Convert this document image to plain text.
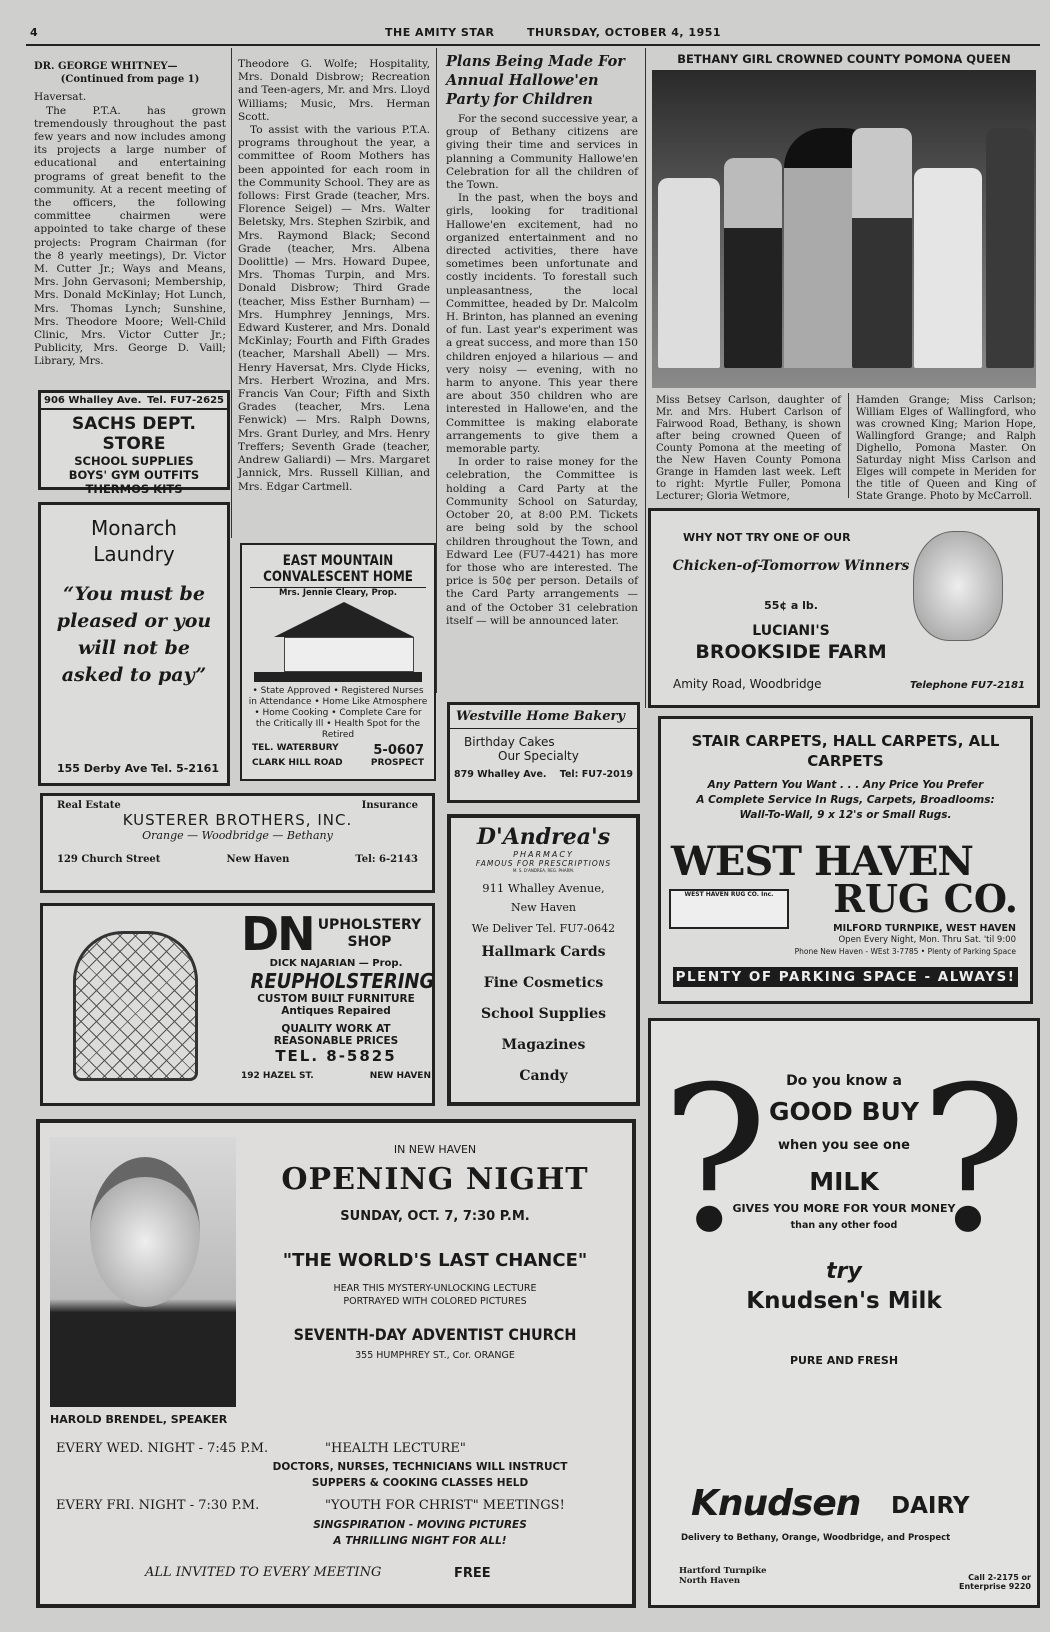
4	THE AMITY STAR	THURSDAY, OCTOBER 4, 1951
DR. GEORGE WHITNEY—
(Continued from page 1)
Haversat.

The P.T.A. has grown tremendously throughout the past few years and now includes among its projects a large number of educational and entertaining programs of great benefit to the community. At a recent meeting of the officers, the following committee chairmen were appointed to take charge of these projects: Program Chairman (for the 8 yearly meetings), Dr. Victor M. Cutter Jr.; Ways and Means, Mrs. John Gervasoni; Membership, Mrs. Donald McKinlay; Hot Lunch, Mrs. Thomas Lynch; Sunshine, Mrs. Theodore Moore; Well-Child Clinic, Mrs. Victor Cutter Jr.; Publicity, Mrs. George D. Vaill; Library, Mrs.

Theodore G. Wolfe; Hospitality, Mrs. Donald Disbrow; Recreation and Teen-agers, Mr. and Mrs. Lloyd Williams; Music, Mrs. Herman Scott.

To assist with the various P.T.A. programs throughout the year, a committee of Room Mothers has been appointed for each room in the Community School. They are as follows: First Grade (teacher, Mrs. Florence Seigel) — Mrs. Walter Beletsky, Mrs. Stephen Szirbik, and Mrs. Raymond Black; Second Grade (teacher, Mrs. Albena Doolittle) — Mrs. Howard Dupee, Mrs. Thomas Turpin, and Mrs. Donald Disbrow; Third Grade (teacher, Miss Esther Burnham) — Mrs. Humphrey Jennings, Mrs. Edward Kusterer, and Mrs. Donald McKinlay; Fourth and Fifth Grades (teacher, Marshall Abell) — Mrs. Henry Haversat, Mrs. Clyde Hicks, Mrs. Herbert Wrozina, and Mrs. Francis Van Cour; Fifth and Sixth Grades (teacher, Mrs. Lena Fenwick) — Mrs. Ralph Downs, Mrs. Grant Durley, and Mrs. Henry Treffers; Seventh Grade (teacher, Andrew Galiardi) — Mrs. Margaret Jannick, Mrs. Russell Killian, and Mrs. Edgar Cartmell.

Plans Being Made For Annual Hallowe'en Party for Children

For the second successive year, a group of Bethany citizens are giving their time and services in planning a Community Hallowe'en Celebration for all the children of the Town.

In the past, when the boys and girls, looking for traditional Hallowe'en excitement, had no organized entertainment and no directed activities, there have sometimes been unfortunate and costly incidents. To forestall such unpleasantness, the local Committee, headed by Dr. Malcolm H. Brinton, has planned an evening of fun. Last year's experiment was a great success, and more than 150 children enjoyed a hilarious — and very noisy — evening, with no harm to anyone. This year there are about 350 children who are interested in Hallowe'en, and the Committee is making elaborate arrangements to give them a memorable party.

In order to raise money for the celebration, the Committee is holding a Card Party at the Community School on Saturday, October 20, at 8:00 P.M. Tickets are being sold by the school children throughout the Town, and Edward Lee (FU7-4421) has more for those who are interested. The price is 50¢ per person. Details of the Card Party arrangements — and of the October 31 celebration itself — will be announced later.

BETHANY GIRL CROWNED COUNTY POMONA QUEEN
Miss Betsey Carlson, daughter of Mr. and Mrs. Hubert Carlson of Fairwood Road, Bethany, is shown after being crowned Queen of County Pomona at the meeting of the New Haven County Pomona Grange in Hamden last week. Left to right: Myrtle Fuller, Pomona Lecturer; Gloria Wetmore,
Hamden Grange; Miss Carlson; William Elges of Wallingford, who was crowned King; Marion Hope, Wallingford Grange; and Ralph Dighello, Pomona Master. On Saturday night Miss Carlson and Elges will compete in Meriden for the title of Queen and King of State Grange. Photo by McCarroll.
906 Whalley Ave. Tel. FU7-2625
SACHS DEPT. STORE
SCHOOL SUPPLIES
BOYS' GYM OUTFITS
THERMOS KITS
Monarch Laundry
“You must be pleased or you will not be asked to pay”
155 Derby Ave Tel. 5-2161
EAST MOUNTAIN CONVALESCENT HOME
Mrs. Jennie Cleary, Prop.
• State Approved • Registered Nurses in Attendance • Home Like Atmosphere • Home Cooking • Complete Care for the Critically Ill • Health Spot for the Retired
TEL. WATERBURY	5-0607
CLARK HILL ROAD	PROSPECT
Real Estate	Insurance
KUSTERER BROTHERS, INC.
Orange — Woodbridge — Bethany
129 Church Street	New Haven	Tel: 6-2143
DN UPHOLSTERY
SHOP
DICK NAJARIAN — Prop.
REUPHOLSTERING
CUSTOM BUILT FURNITURE
Antiques Repaired
QUALITY WORK AT REASONABLE PRICES
TEL. 8-5825
192 HAZEL ST.	NEW HAVEN
Westville Home Bakery
Birthday Cakes
Our Specialty
879 Whalley Ave. Tel: FU7-2019
D'Andrea's
PHARMACY
FAMOUS FOR PRESCRIPTIONS
M. S. D'ANDREA, REG. PHARM.
911 Whalley Avenue,
New Haven
We Deliver Tel. FU7-0642
Hallmark Cards
Fine Cosmetics
School Supplies
Magazines
Candy
WHY NOT TRY ONE OF OUR
Chicken-of-Tomorrow Winners
55¢ a lb.
LUCIANI'S
BROOKSIDE FARM
Amity Road, Woodbridge	Telephone FU7-2181
STAIR CARPETS, HALL CARPETS, ALL CARPETS
Any Pattern You Want . . . Any Price You Prefer
A Complete Service In Rugs, Carpets, Broadlooms:
Wall-To-Wall, 9 x 12's or Small Rugs.
WEST HAVEN
RUG CO.
WEST HAVEN RUG CO. Inc.
MILFORD TURNPIKE, WEST HAVEN
Open Every Night, Mon. Thru Sat. 'til 9:00
Phone New Haven - WEst 3-7785 • Plenty of Parking Space
PLENTY OF PARKING SPACE - ALWAYS!
? ?
Do you know a
GOOD BUY
when you see one
MILK
GIVES YOU MORE FOR YOUR MONEY
than any other food
try
Knudsen's Milk
PURE AND FRESH
Knudsen DAIRY
Delivery to Bethany, Orange, Woodbridge, and Prospect
Hartford Turnpike
North Haven	Call 2-2175 or
Enterprise 9220
HAROLD BRENDEL, SPEAKER
IN NEW HAVEN
OPENING NIGHT
SUNDAY, OCT. 7, 7:30 P.M.
"THE WORLD'S LAST CHANCE"
HEAR THIS MYSTERY-UNLOCKING LECTURE
PORTRAYED WITH COLORED PICTURES
SEVENTH-DAY ADVENTIST CHURCH
355 HUMPHREY ST., Cor. ORANGE
EVERY WED. NIGHT - 7:45 P.M.	"HEALTH LECTURE"
DOCTORS, NURSES, TECHNICIANS WILL INSTRUCT
SUPPERS & COOKING CLASSES HELD
EVERY FRI. NIGHT - 7:30 P.M.	"YOUTH FOR CHRIST" MEETINGS!
SINGSPIRATION - MOVING PICTURES
A THRILLING NIGHT FOR ALL!
ALL INVITED TO EVERY MEETING	FREE
